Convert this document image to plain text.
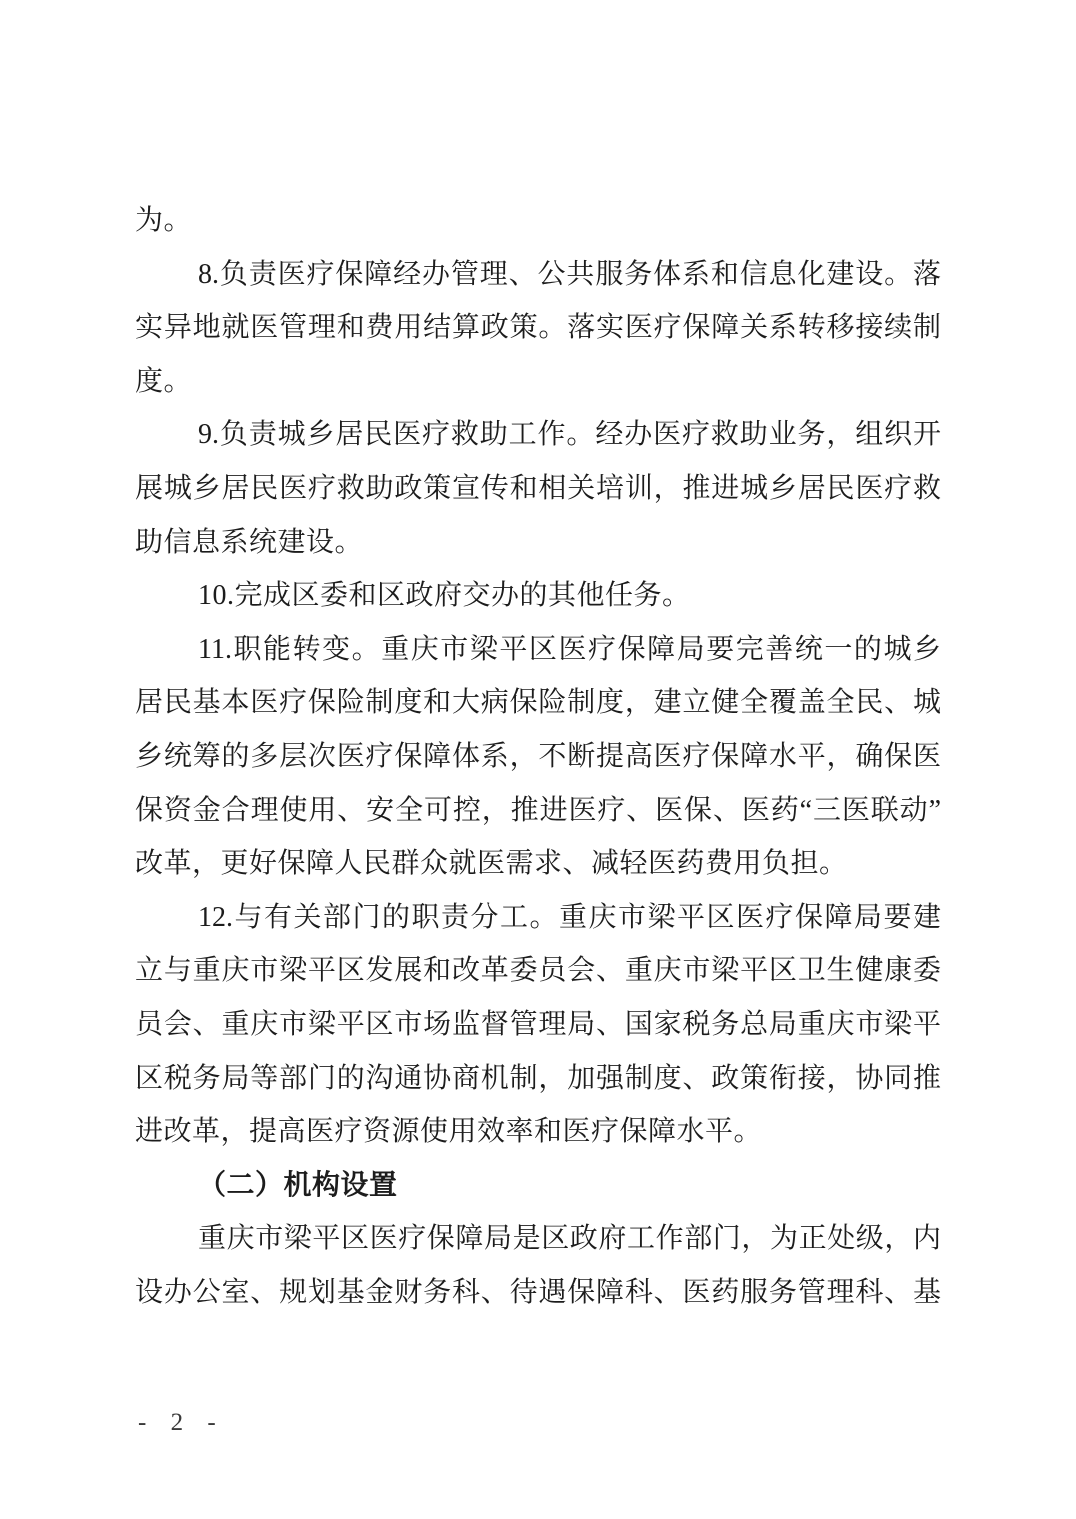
为。
8.负责医疗保障经办管理、公共服务体系和信息化建设。落
实异地就医管理和费用结算政策。落实医疗保障关系转移接续制
度。
9.负责城乡居民医疗救助工作。经办医疗救助业务，组织开
展城乡居民医疗救助政策宣传和相关培训，推进城乡居民医疗救
助信息系统建设。
10.完成区委和区政府交办的其他任务。
11.职能转变。重庆市梁平区医疗保障局要完善统一的城乡
居民基本医疗保险制度和大病保险制度，建立健全覆盖全民、城
乡统筹的多层次医疗保障体系，不断提高医疗保障水平，确保医
保资金合理使用、安全可控，推进医疗、医保、医药“三医联动”
改革，更好保障人民群众就医需求、减轻医药费用负担。
12.与有关部门的职责分工。重庆市梁平区医疗保障局要建
立与重庆市梁平区发展和改革委员会、重庆市梁平区卫生健康委
员会、重庆市梁平区市场监督管理局、国家税务总局重庆市梁平
区税务局等部门的沟通协商机制，加强制度、政策衔接，协同推
进改革，提高医疗资源使用效率和医疗保障水平。
（二）机构设置
重庆市梁平区医疗保障局是区政府工作部门，为正处级，内
设办公室、规划基金财务科、待遇保障科、医药服务管理科、基
- 2 -
